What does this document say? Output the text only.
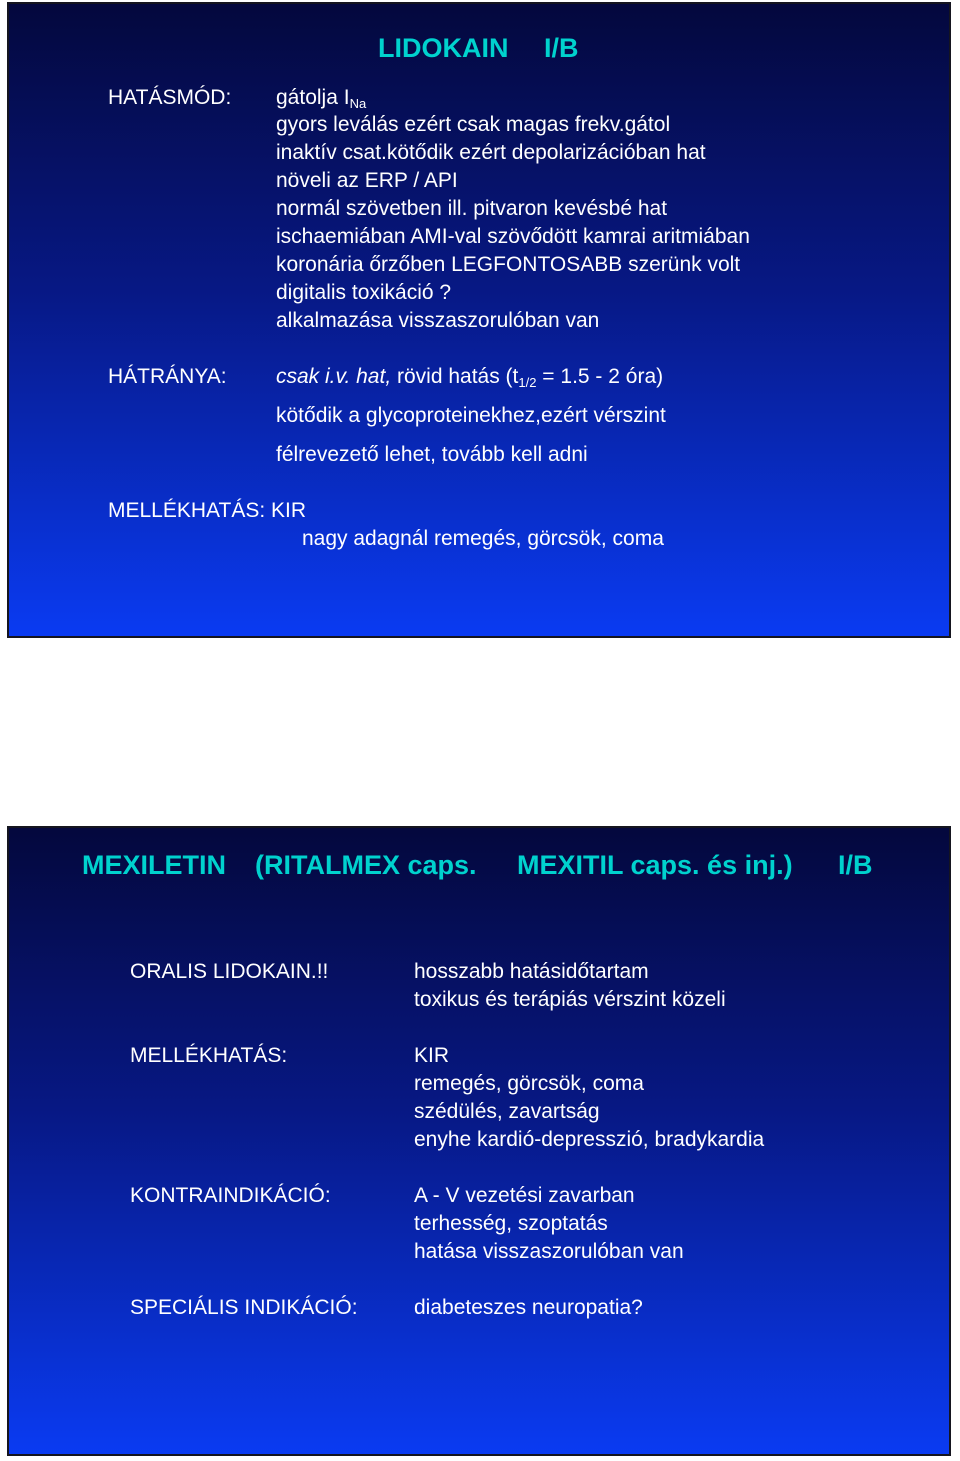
LIDOKAIN I/B
HATÁSMÓD: gátolja $I_{Na}$
gyors leválás ezért csak magas frekv.gátol
inaktív csat.kötődik ezért depolarizációban hat
növeli az ERP / API
normál szövetben ill. pitvaron kevésbé hat
ischaemiában AMI-val szövődött kamrai aritmiában
koronária őrzőben LEGFONTOSABB szerünk volt
digitalis toxikáció ?
alkalmazása visszaszorulóban van
HÁTRÁNYA: csak i.v. hat, rövid hatás ($t_{1/2} = 1.5 - 2$ óra)
kötődik a glycoproteinekhez,ezért vérszint
félrevezető lehet, tovább kell adni
MELLÉKHATÁS: KIR
nagy adagnál remegés, görcsök, coma
MEXILETIN (RITALMEX caps. MEXITIL caps. és inj.) I/B
ORALIS LIDOKAIN.!!	hosszabb hatásidőtartam
toxikus és terápiás vérszint közeli
MELLÉKHATÁS:	KIR
remegés, görcsök, coma
szédülés, zavartság
enyhe kardió-depresszió, bradykardia
KONTRAINDIKÁCIÓ:	A - V vezetési zavarban
terhesség, szoptatás
hatása visszaszorulóban van
SPECIÁLIS INDIKÁCIÓ:	diabeteszes neuropatia?
